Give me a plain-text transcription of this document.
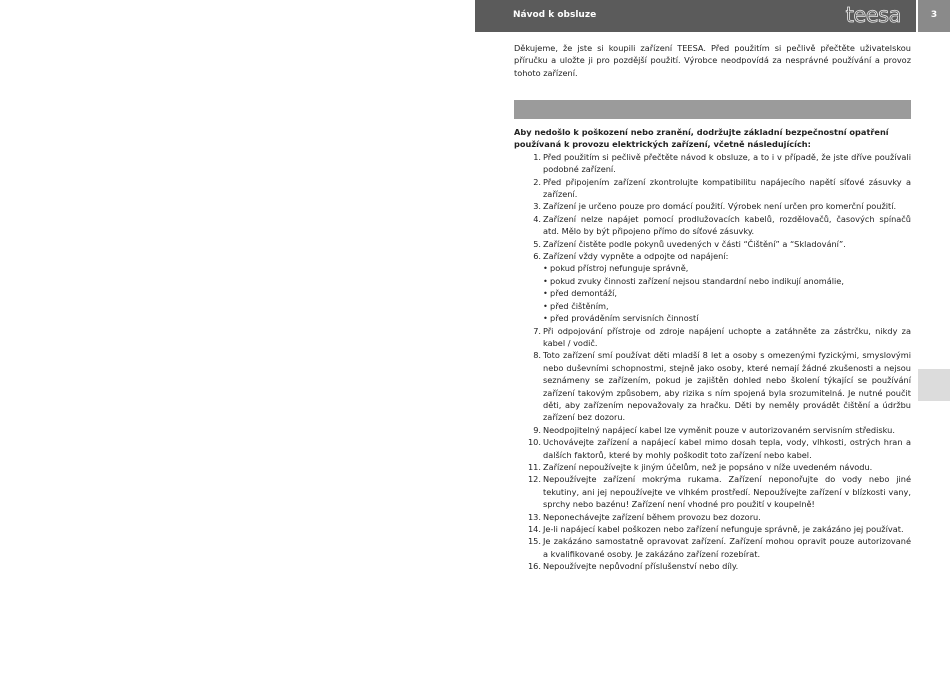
Návod k obsluze	teesa	3

Děkujeme, že jste si koupili zařízení TEESA. Před použitím si pečlivě přečtěte uživatelskou příručku a uložte ji pro pozdější použití. Výrobce neodpovídá za nesprávné používání a provoz tohoto zařízení.

Aby nedošlo k poškození nebo zranění, dodržujte základní bezpečnostní opatření používaná k provozu elektrických zařízení, včetně následujících:

1. Před použitím si pečlivě přečtěte návod k obsluze, a to i v případě, že jste dříve používali podobné zařízení.
2. Před připojením zařízení zkontrolujte kompatibilitu napájecího napětí síťové zásuvky a zařízení.
3. Zařízení je určeno pouze pro domácí použití. Výrobek není určen pro komerční použití.
4. Zařízení nelze napájet pomocí prodlužovacích kabelů, rozdělovačů, časových spínačů atd. Mělo by být připojeno přímo do síťové zásuvky.
5. Zařízení čistěte podle pokynů uvedených v části “Čištění” a “Skladování”.
6. Zařízení vždy vypněte a odpojte od napájení:
• pokud přístroj nefunguje správně,
• pokud zvuky činnosti zařízení nejsou standardní nebo indikují anomálie,
• před demontáží,
• před čištěním,
• před prováděním servisních činností
7. Při odpojování přístroje od zdroje napájení uchopte a zatáhněte za zástrčku, nikdy za kabel / vodič.
8. Toto zařízení smí používat děti mladší 8 let a osoby s omezenými fyzickými, smyslovými nebo duševními schopnostmi, stejně jako osoby, které nemají žádné zkušenosti a nejsou seznámeny se zařízením, pokud je zajištěn dohled nebo školení týkající se používání zařízení takovým způsobem, aby rizika s ním spojená byla srozumitelná. Je nutné poučit děti, aby zařízením nepovažovaly za hračku. Děti by neměly provádět čištění a údržbu zařízení bez dozoru.
9. Neodpojitelný napájecí kabel lze vyměnit pouze v autorizovaném servisním středisku.
10. Uchovávejte zařízení a napájecí kabel mimo dosah tepla, vody, vlhkosti, ostrých hran a dalších faktorů, které by mohly poškodit toto zařízení nebo kabel.
11. Zařízení nepoužívejte k jiným účelům, než je popsáno v níže uvedeném návodu.
12. Nepoužívejte zařízení mokrýma rukama. Zařízení neponořujte do vody nebo jiné tekutiny, ani jej nepoužívejte ve vlhkém prostředí. Nepoužívejte zařízení v blízkosti vany, sprchy nebo bazénu! Zařízení není vhodné pro použití v koupelně!
13. Neponechávejte zařízení během provozu bez dozoru.
14. Je-li napájecí kabel poškozen nebo zařízení nefunguje správně, je zakázáno jej používat.
15. Je zakázáno samostatně opravovat zařízení. Zařízení mohou opravit pouze autorizované a kvalifikované osoby. Je zakázáno zařízení rozebírat.
16. Nepoužívejte nepůvodní příslušenství nebo díly.
